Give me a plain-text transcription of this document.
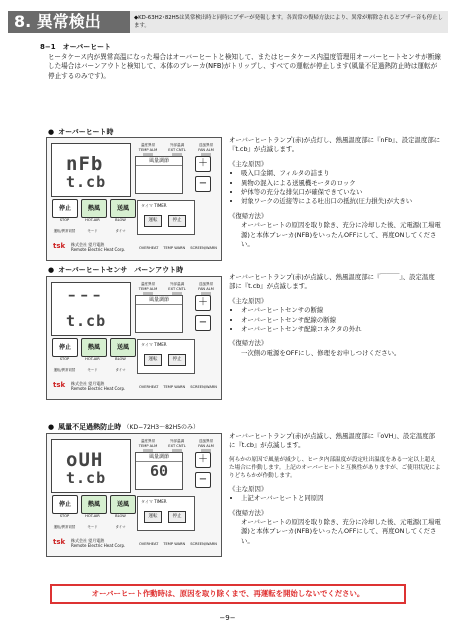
8. 異常検出	◆KD-63H2･82H5は異常検出時と同時にブザーが発報します。各異常の復帰方法により、異常が解除されるとブザー音も停止します。
8−1　オーバーヒート
ヒータケース内が異常高温になった場合はオーバーヒートと検知して、またはヒータケース内温度管理用オーバーヒートセンサが断線した場合はバーンアウトと検知して、本体のブレーカ(NFB)がトリップし、すべての運転が停止します(風量不足過熱防止時は運転が停止するのみです)。
● オーバーヒート時
nFb
t.cb
温度異常
TEMP ALM
外部温調
EXT CNTL
送風異常
FAN ALM
風量調節	＋
−
停止	熱風	送風
STOP	HOT-AIR	BLOW
運転/異常切替	モード	タイマ
タイマ TIMER
運転	停止
tsk 株式会社 望月電熱
Remote Electric Heat Corp.	OVERHEAT TEMP WARN SCREEN/WARN
● オーバーヒートセンサ　バーンアウト時
¯¯¯
t.cb
温度異常
TEMP ALM
外部温調
EXT CNTL
送風異常
FAN ALM
風量調節	＋
−
停止	熱風	送風
STOP	HOT-AIR	BLOW
運転/異常切替	モード	タイマ
タイマ TIMER
運転	停止
tsk 株式会社 望月電熱
Remote Electric Heat Corp.	OVERHEAT TEMP WARN SCREEN/WARN
● 風量不足過熱防止時 （KD−72H3〜82H5のみ）
oUH
t.cb
温度異常
TEMP ALM
外部温調
EXT CNTL
送風異常
FAN ALM
風量調節
60
＋
−
停止	熱風	送風
STOP	HOT-AIR	BLOW
運転/異常切替	モード	タイマ
タイマ TIMER
運転	停止
tsk 株式会社 望月電熱
Remote Electric Heat Corp.	OVERHEAT TEMP WARN SCREEN/WARN
オーバーヒートランプ(赤)が点灯し、熱風温度部に『nFb』、設定温度部に『t.cb』が点滅します。
《主な原因》
• 吸入口金網、フィルタの詰まり
• 異物の混入による送風機モータのロック
• 炉体等の充分な排気口が確保できていない
• 対象ワークの近接等による吐出口の抵抗(圧力損失)が大きい
《復帰方法》
オーバーヒートの原因を取り除き、充分に冷却した後、元電源(工場電源)と本体ブレーカ(NFB)をいったんOFFにして、再度ONしてください。
オーバーヒートランプ(赤)が点滅し、熱風温度部に『￣￣￣』、設定温度部に『t.cb』が点滅します。
《主な原因》
• オーバーヒートセンサの断線
• オーバーヒートセンサ配線の断線
• オーバーヒートセンサ配線コネクタの外れ
《復帰方法》
一次側の電源をOFFにし、修理をお申しつけください。
オーバーヒートランプ(赤)が点滅し、熱風温度部に『oVH』、設定温度部に『t.cb』が点滅します。
何らかの原因で風量が減少し、ヒータ内部温度が設定吐出温度をある一定以上超えた場合に作動します。上記のオーバーヒートと互換性がありますが、ご使用状況によりどちらかが作動します。
《主な原因》
• 上記オーバーヒートと同原因
《復帰方法》
オーバーヒートの原因を取り除き、充分に冷却した後、元電源(工場電源)と本体ブレーカ(NFB)をいったんOFFにして、再度ONしてください。
オーバーヒート作動時は、原因を取り除くまで、再運転を開始しないでください。
−9−
